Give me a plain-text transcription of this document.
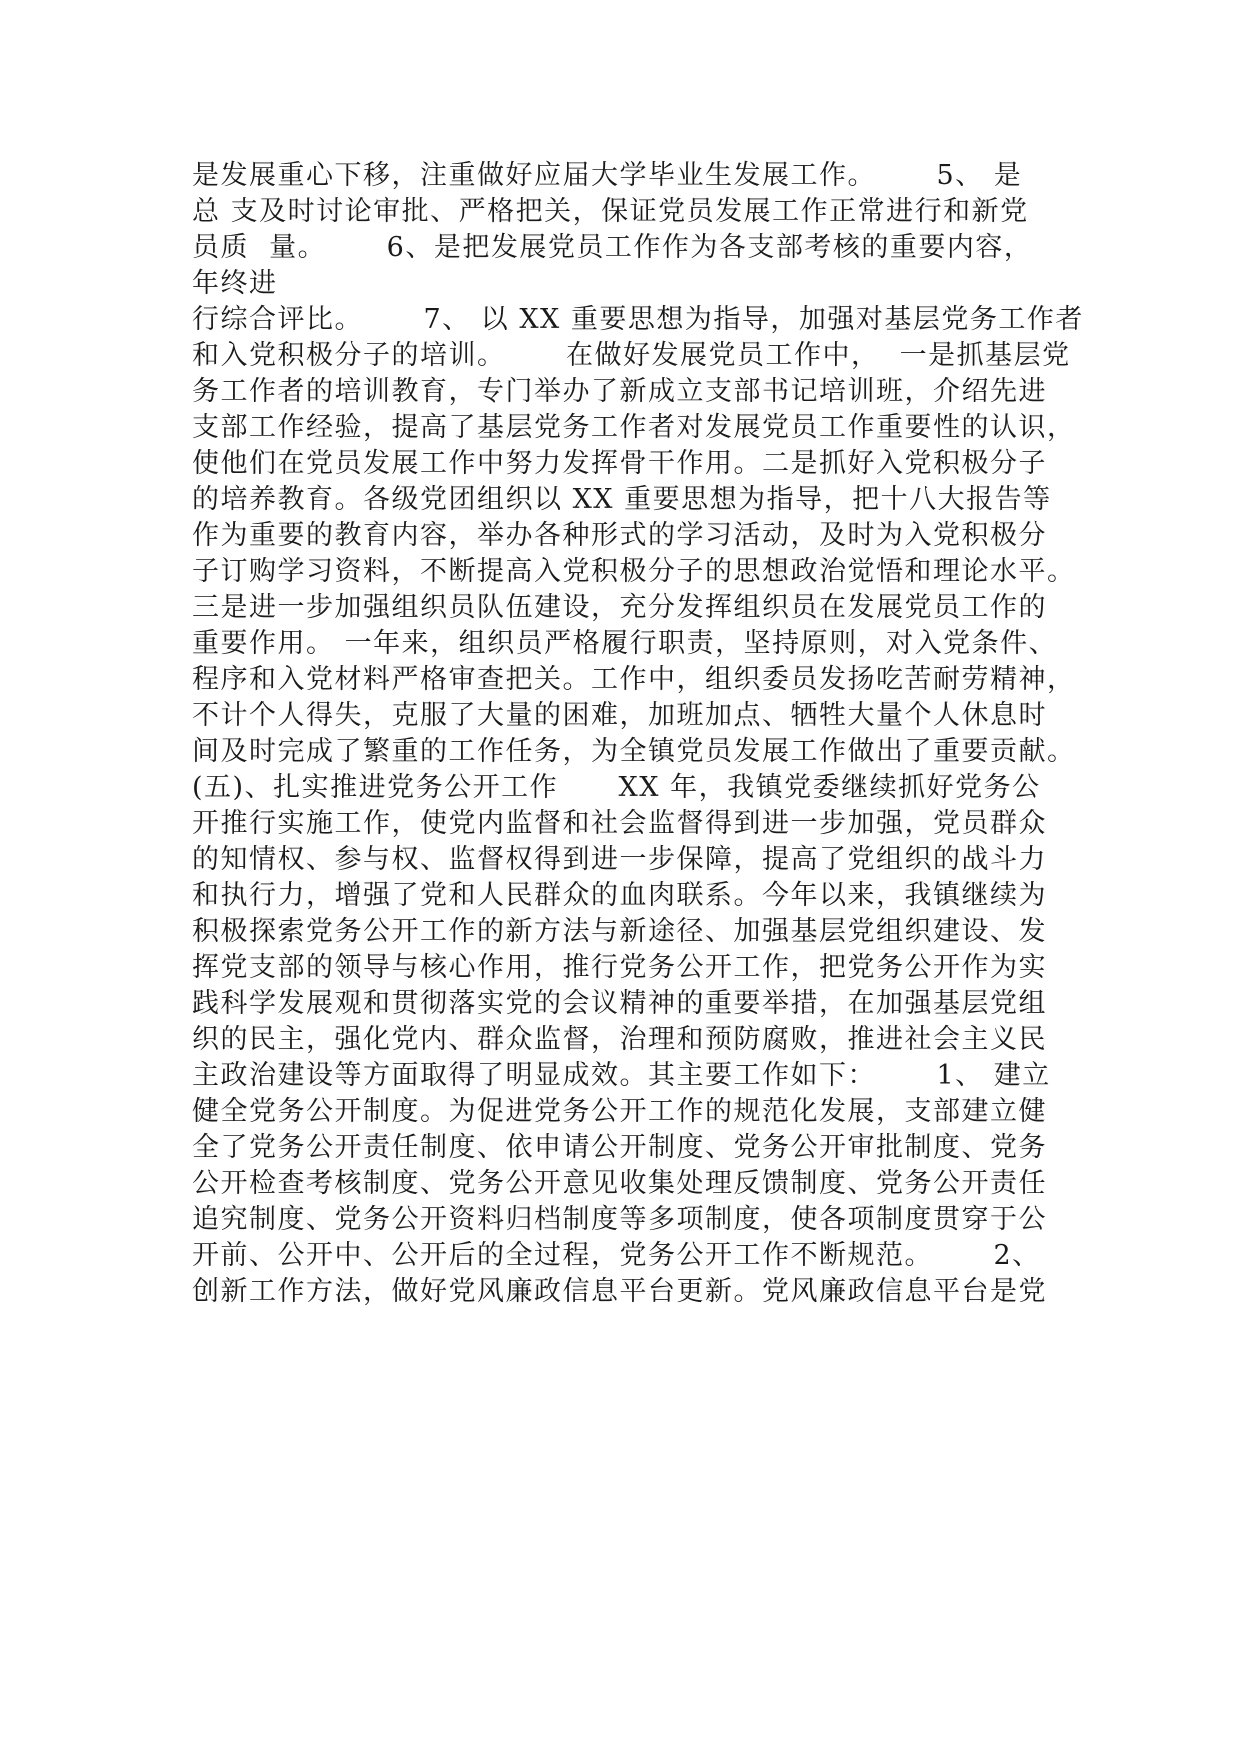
是发展重心下移，注重做好应届大学毕业生发展工作。      5、 是
总 支及时讨论审批、严格把关，保证党员发展工作正常进行和新党
员质  量。      6、是把发展党员工作作为各支部考核的重要内容，
年终进
行综合评比。      7、 以 XX 重要思想为指导，加强对基层党务工作者
和入党积极分子的培训。      在做好发展党员工作中，  一是抓基层党
务工作者的培训教育，专门举办了新成立支部书记培训班，介绍先进
支部工作经验，提高了基层党务工作者对发展党员工作重要性的认识，
使他们在党员发展工作中努力发挥骨干作用。二是抓好入党积极分子
的培养教育。各级党团组织以 XX 重要思想为指导，把十八大报告等
作为重要的教育内容，举办各种形式的学习活动，及时为入党积极分
子订购学习资料，不断提高入党积极分子的思想政治觉悟和理论水平。
三是进一步加强组织员队伍建设，充分发挥组织员在发展党员工作的
重要作用。 一年来，组织员严格履行职责，坚持原则，对入党条件、
程序和入党材料严格审查把关。工作中，组织委员发扬吃苦耐劳精神，
不计个人得失，克服了大量的困难，加班加点、牺牲大量个人休息时
间及时完成了繁重的工作任务，为全镇党员发展工作做出了重要贡献。
(五)、扎实推进党务公开工作      XX 年，我镇党委继续抓好党务公
开推行实施工作，使党内监督和社会监督得到进一步加强，党员群众
的知情权、参与权、监督权得到进一步保障，提高了党组织的战斗力
和执行力，增强了党和人民群众的血肉联系。今年以来，我镇继续为
积极探索党务公开工作的新方法与新途径、加强基层党组织建设、发
挥党支部的领导与核心作用，推行党务公开工作，把党务公开作为实
践科学发展观和贯彻落实党的会议精神的重要举措，在加强基层党组
织的民主，强化党内、群众监督，治理和预防腐败，推进社会主义民
主政治建设等方面取得了明显成效。其主要工作如下：      1、 建立
健全党务公开制度。为促进党务公开工作的规范化发展，支部建立健
全了党务公开责任制度、依申请公开制度、党务公开审批制度、党务
公开检查考核制度、党务公开意见收集处理反馈制度、党务公开责任
追究制度、党务公开资料归档制度等多项制度，使各项制度贯穿于公
开前、公开中、公开后的全过程，党务公开工作不断规范。      2、
创新工作方法，做好党风廉政信息平台更新。党风廉政信息平台是党
